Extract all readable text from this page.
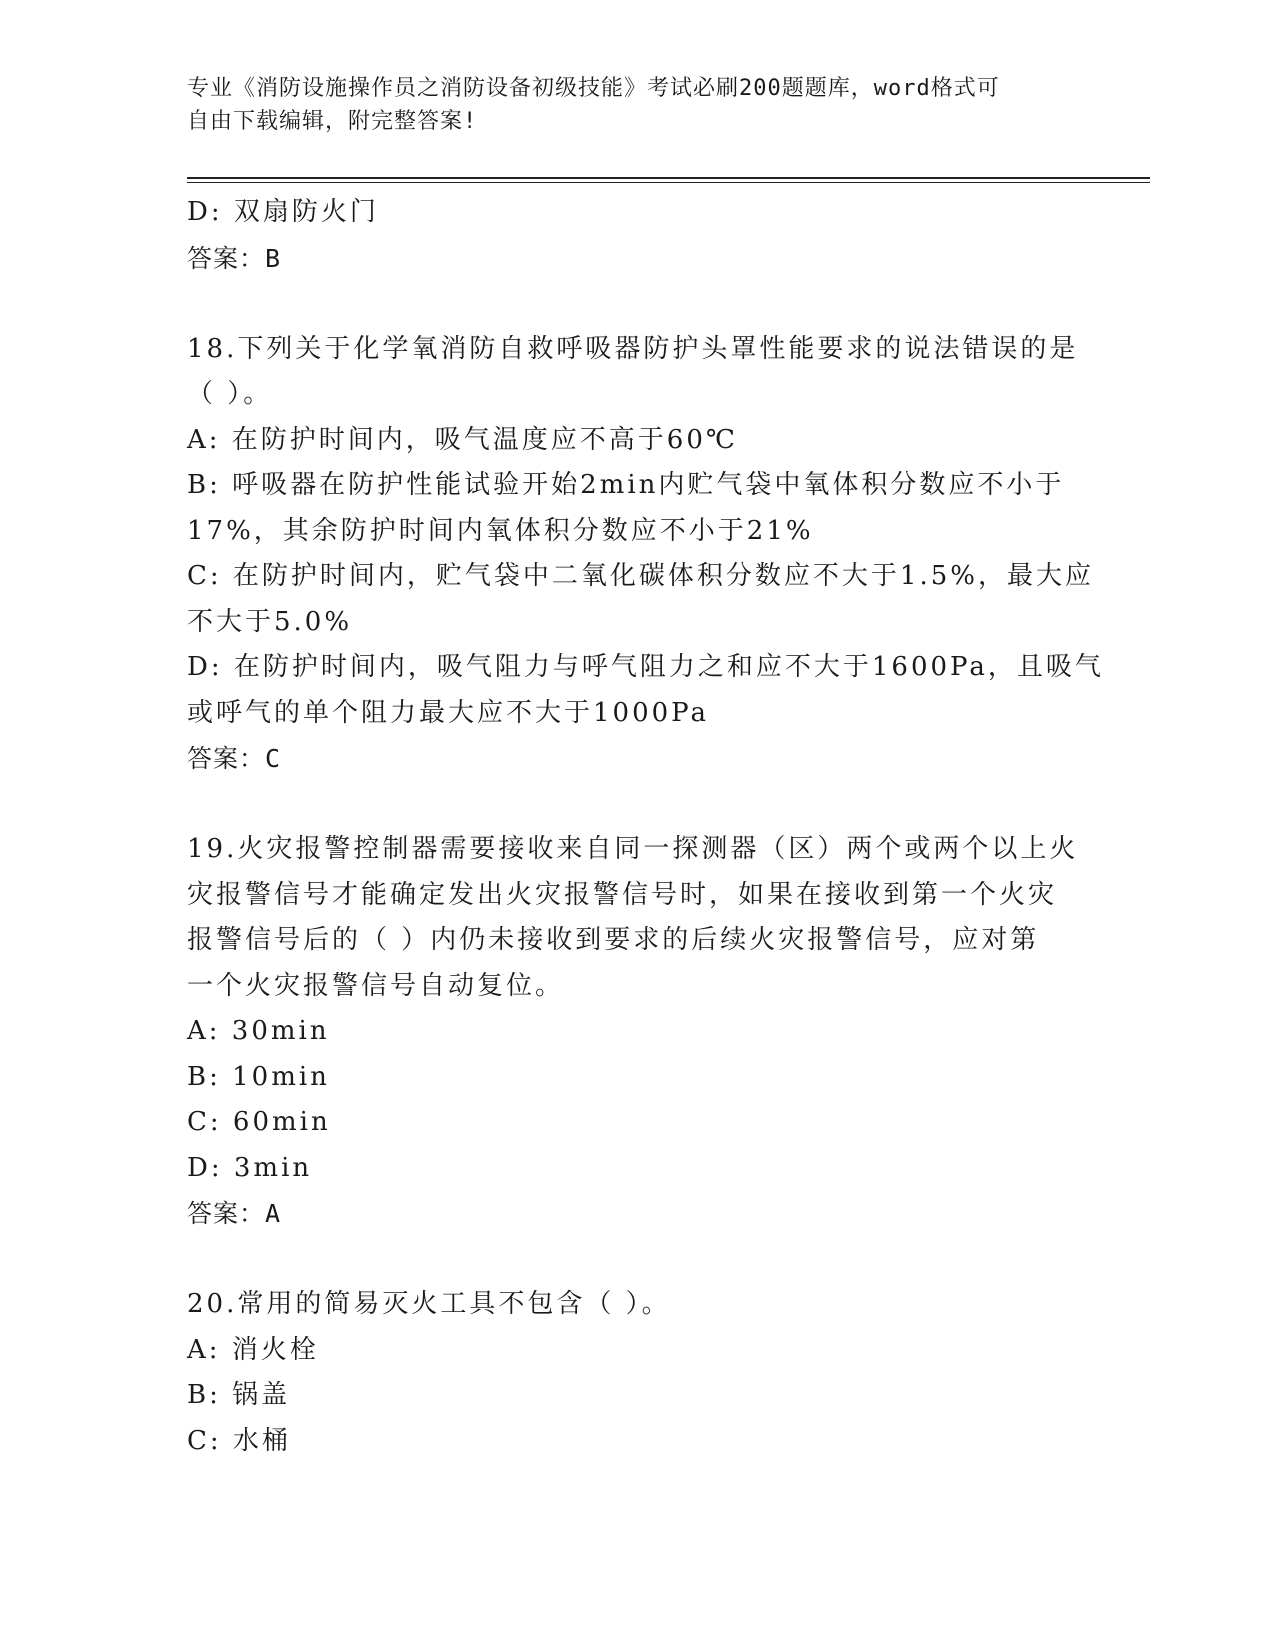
专业《消防设施操作员之消防设备初级技能》考试必刷200题题库，word格式可
自由下载编辑，附完整答案!
D: 双扇防火门
答案：B
18.下列关于化学氧消防自救呼吸器防护头罩性能要求的说法错误的是
（ ）。
A: 在防护时间内，吸气温度应不高于60℃
B: 呼吸器在防护性能试验开始2min内贮气袋中氧体积分数应不小于
17%，其余防护时间内氧体积分数应不小于21%
C: 在防护时间内，贮气袋中二氧化碳体积分数应不大于1.5%，最大应
不大于5.0%
D: 在防护时间内，吸气阻力与呼气阻力之和应不大于1600Pa，且吸气
或呼气的单个阻力最大应不大于1000Pa
答案：C
19.火灾报警控制器需要接收来自同一探测器（区）两个或两个以上火
灾报警信号才能确定发出火灾报警信号时，如果在接收到第一个火灾
报警信号后的（ ）内仍未接收到要求的后续火灾报警信号，应对第
一个火灾报警信号自动复位。
A: 30min
B: 10min
C: 60min
D: 3min
答案：A
20.常用的简易灭火工具不包含（ ）。
A: 消火栓
B: 锅盖
C: 水桶
